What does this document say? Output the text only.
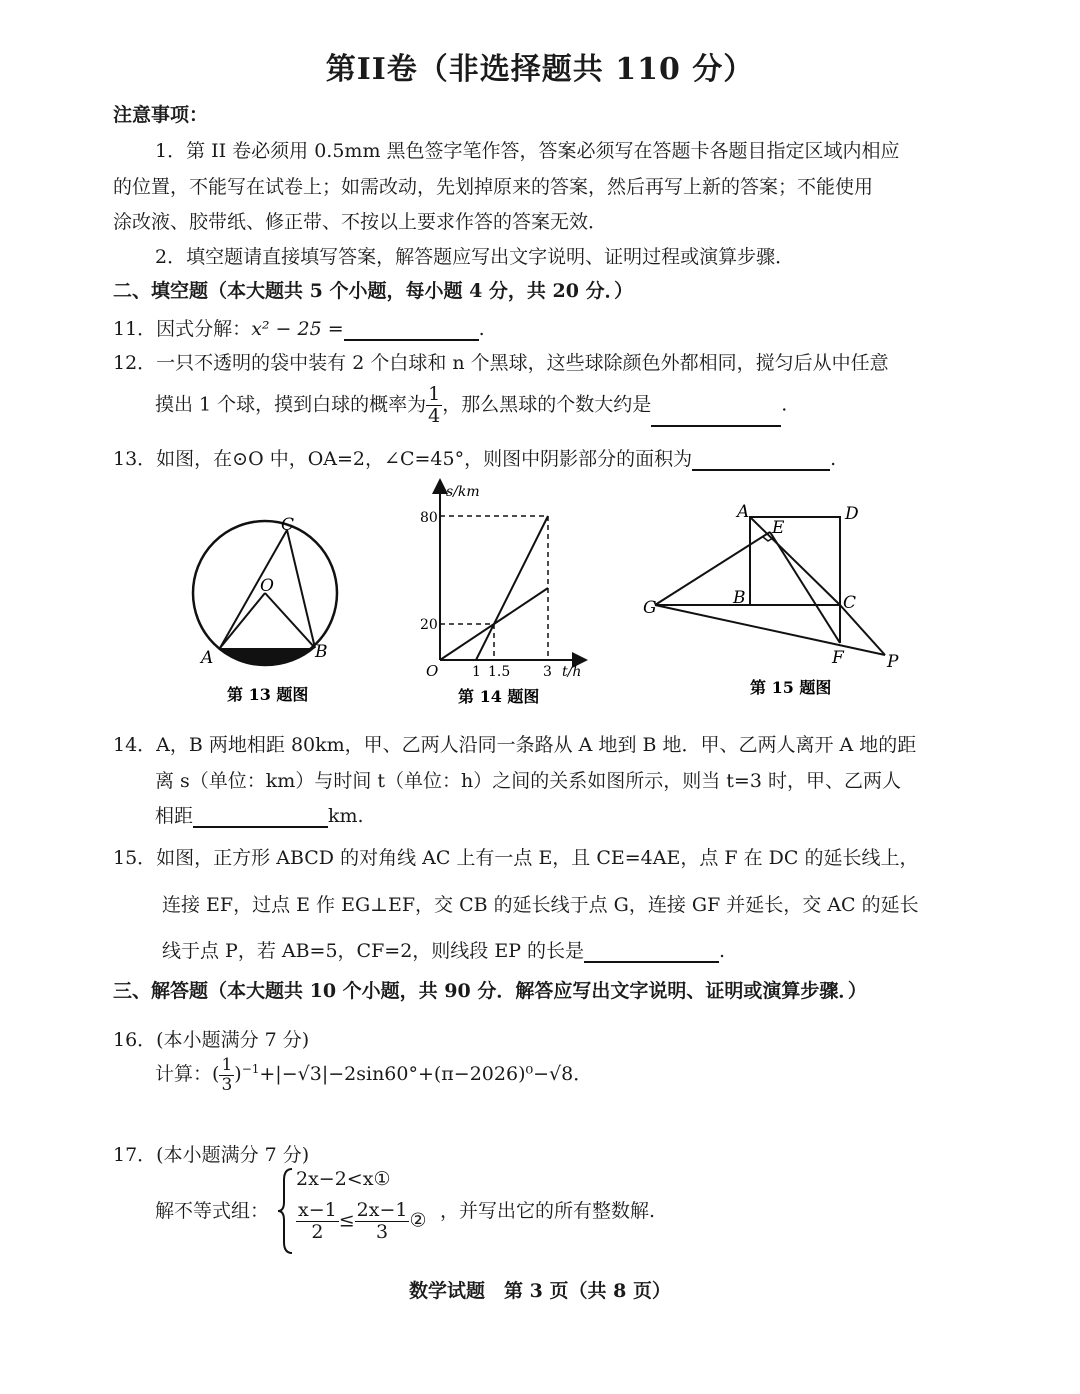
第II卷（非选择题共 110 分）
注意事项：
1．第 II 卷必须用 0.5mm 黑色签字笔作答，答案必须写在答题卡各题目指定区域内相应
的位置，不能写在试卷上；如需改动，先划掉原来的答案，然后再写上新的答案；不能使用
涂改液、胶带纸、修正带、不按以上要求作答的答案无效．
2．填空题请直接填写答案，解答题应写出文字说明、证明过程或演算步骤．
二、填空题（本大题共 5 个小题，每小题 4 分，共 20 分．）
11．因式分解：x² − 25 =	.
12．一只不透明的袋中装有 2 个白球和 n 个黑球，这些球除颜色外都相同，搅匀后从中任意
摸出 1 个球，摸到白球的概率为 $\frac{1}{4}$ ，那么黑球的个数大约是	.
13．如图，在⊙O 中，OA=2，∠C=45°，则图中阴影部分的面积为	.
C
O
A	B
第 13 题图
s/km
80
20
O 1 1.5 3 t/h
第 14 题图
A	D
E
B	C
G
F	P
第 15 题图
14．A，B 两地相距 80km，甲、乙两人沿同一条路从 A 地到 B 地．甲、乙两人离开 A 地的距
离 s（单位：km）与时间 t（单位：h）之间的关系如图所示，则当 t=3 时，甲、乙两人
相距	km.
15．如图，正方形 ABCD 的对角线 AC 上有一点 E，且 CE=4AE，点 F 在 DC 的延长线上，
连接 EF，过点 E 作 EG⊥EF，交 CB 的延长线于点 G，连接 GF 并延长，交 AC 的延长
线于点 P，若 AB=5，CF=2，则线段 EP 的长是	.
三、解答题（本大题共 10 个小题，共 90 分．解答应写出文字说明、证明或演算步骤．）
16．(本小题满分 7 分)
计算：( $\frac{1}{3} )^{-1}+|-√3|-2\sin 60^\circ+(\pi-2026)^0-√8$．
17．(本小题满分 7 分)
解不等式组：
2x−2<x①
$\frac{x-1}{2} \le \frac{2x-1}{3}$ ② ，并写出它的所有整数解.
数学试题　第 3 页（共 8 页）
